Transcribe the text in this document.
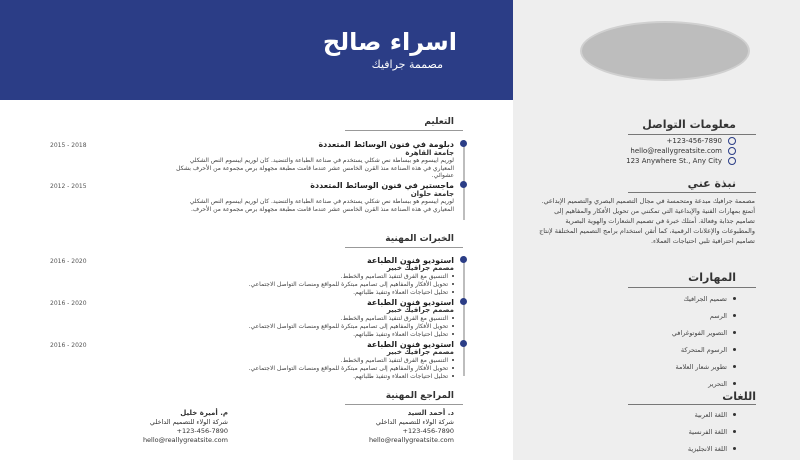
اسراء صالح
مصممة جرافيك
معلومات التواصل
+123-456-7890
hello@reallygreatsite.com
123 Anywhere St., Any City
نبذة عني
مصممة جرافيك مبدعة ومتحمسة في مجال التصميم البصري والتصميم الإبداعي. أتمتع بمهارات الفنية والإبداعية التي تمكنني من تحويل الأفكار والمفاهيم إلى تصاميم جذابة وفعالة. أمتلك خبرة في تصميم الشعارات والهوية البصرية والمطبوعات والإعلانات الرقمية، كما أتقن استخدام برامج التصميم المختلفة لإنتاج تصاميم احترافية تلبي احتياجات العملاء.
المهارات
تصميم الجرافيك
الرسم
التصوير الفوتوغرافي
الرسوم المتحركة
تطوير شعار العلامة
التحرير
اللغات
اللغة العربية
اللغة الفرنسية
اللغة الانجليزية
التعليم
دبلومة في فنون الوسائط المتعددة
جامعة القاهرة
2015 - 2018
لوريم ايبسوم هو ببساطة نص شكلي يستخدم في صناعة الطباعة والتنضيد. كان لوريم ايبسوم النص الشكلي المعياري في هذه الصناعة منذ القرن الخامس عشر عندما قامت مطبعة مجهولة برص مجموعة من الأحرف بشكل عشوائي.
ماجستير في فنون الوسائط المتعددة
جامعة حلوان
2012 - 2015
لوريم ايبسوم هو ببساطة نص شكلي يستخدم في صناعة الطباعة والتنضيد. كان لوريم ايبسوم النص الشكلي المعياري في هذه الصناعة منذ القرن الخامس عشر عندما قامت مطبعة مجهولة برص مجموعة من الأحرف.
الخبرات المهنية
استوديو فنون الطباعة
مصمم جرافيك خبير
2016 - 2020
التنسيق مع الفرق لتنفيذ التصاميم والخطط.
تحويل الأفكار والمفاهيم إلى تصاميم مبتكرة للمواقع ومنصات التواصل الاجتماعي.
تحليل احتياجات العملاء وتنفيذ طلباتهم.
استوديو فنون الطباعة
مصمم جرافيك خبير
2016 - 2020
التنسيق مع الفرق لتنفيذ التصاميم والخطط.
تحويل الأفكار والمفاهيم إلى تصاميم مبتكرة للمواقع ومنصات التواصل الاجتماعي.
تحليل احتياجات العملاء وتنفيذ طلباتهم.
استوديو فنون الطباعة
مصمم جرافيك خبير
2016 - 2020
التنسيق مع الفرق لتنفيذ التصاميم والخطط.
تحويل الأفكار والمفاهيم إلى تصاميم مبتكرة للمواقع ومنصات التواصل الاجتماعي.
تحليل احتياجات العملاء وتنفيذ طلباتهم.
المراجع المهنية
د. أحمد السيد
شركة الولاء للتصميم الداخلي
+123-456-7890
hello@reallygreatsite.com
م. أميرة خليل
شركة الولاء للتصميم الداخلي
+123-456-7890
hello@reallygreatsite.com
